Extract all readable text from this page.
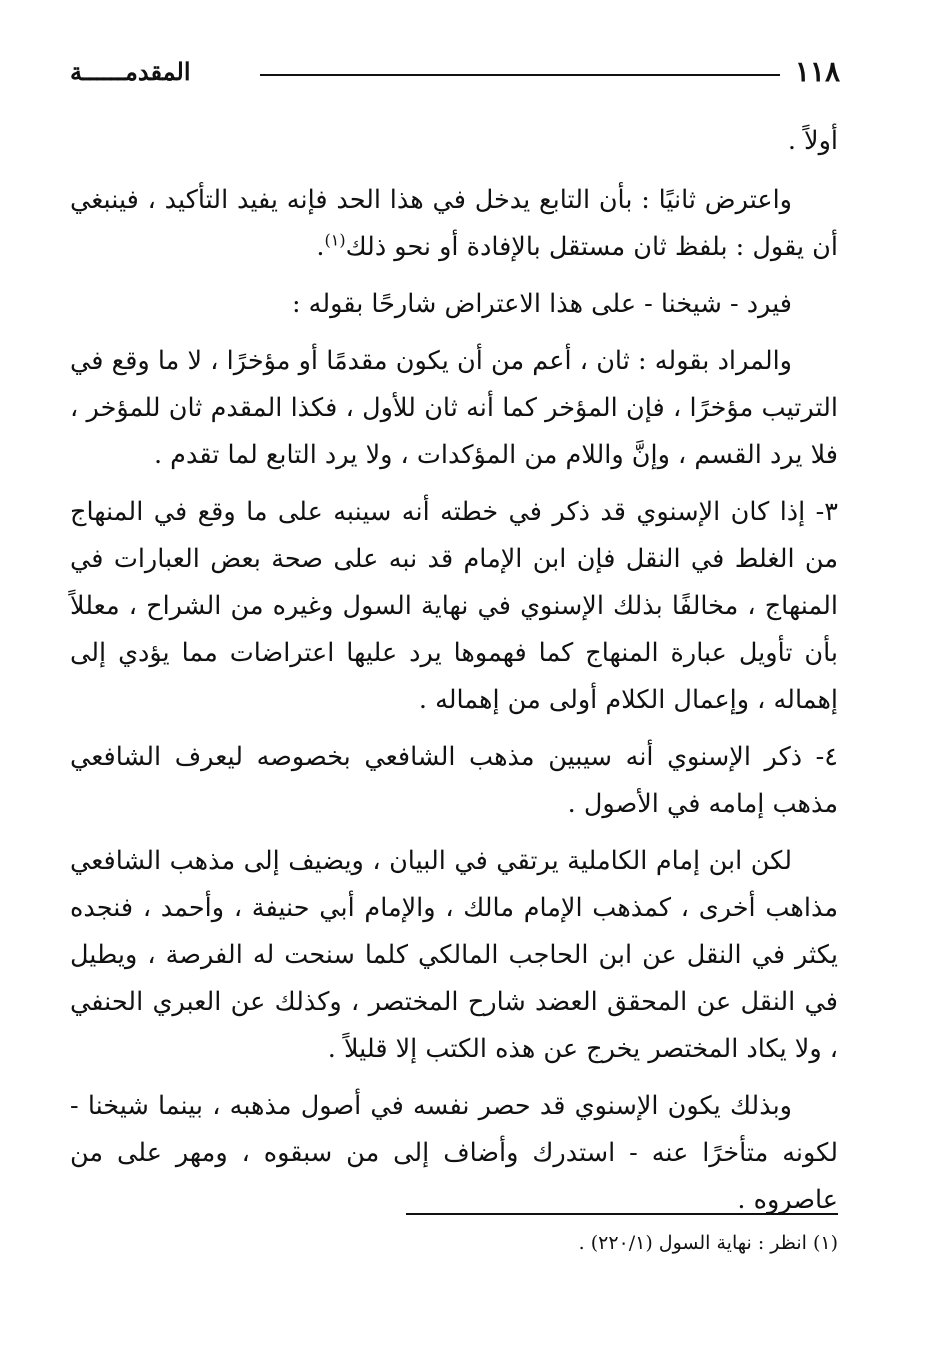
١١٨
المقدمــــــة

أولاً .

واعترض ثانيًا : بأن التابع يدخل في هذا الحد فإنه يفيد التأكيد ، فينبغي أن يقول : بلفظ ثان مستقل بالإفادة أو نحو ذلك$^{(١)}$.

فيرد - شيخنا - على هذا الاعتراض شارحًا بقوله :

والمراد بقوله : ثان ، أعم من أن يكون مقدمًا أو مؤخرًا ، لا ما وقع في الترتيب مؤخرًا ، فإن المؤخر كما أنه ثان للأول ، فكذا المقدم ثان للمؤخر ، فلا يرد القسم ، وإنَّ واللام من المؤكدات ، ولا يرد التابع لما تقدم .

٣- إذا كان الإسنوي قد ذكر في خطته أنه سينبه على ما وقع في المنهاج من الغلط في النقل فإن ابن الإمام قد نبه على صحة بعض العبارات في المنهاج ، مخالفًا بذلك الإسنوي في نهاية السول وغيره من الشراح ، معللاً بأن تأويل عبارة المنهاج كما فهموها يرد عليها اعتراضات مما يؤدي إلى إهماله ، وإعمال الكلام أولى من إهماله .

٤- ذكر الإسنوي أنه سيبين مذهب الشافعي بخصوصه ليعرف الشافعي مذهب إمامه في الأصول .

لكن ابن إمام الكاملية يرتقي في البيان ، ويضيف إلى مذهب الشافعي مذاهب أخرى ، كمذهب الإمام مالك ، والإمام أبي حنيفة ، وأحمد ، فنجده يكثر في النقل عن ابن الحاجب المالكي كلما سنحت له الفرصة ، ويطيل في النقل عن المحقق العضد شارح المختصر ، وكذلك عن العبري الحنفي ، ولا يكاد المختصر يخرج عن هذه الكتب إلا قليلاً .

وبذلك يكون الإسنوي قد حصر نفسه في أصول مذهبه ، بينما شيخنا - لكونه متأخرًا عنه - استدرك وأضاف إلى من سبقوه ، ومهر على من عاصروه .

(١) انظر : نهاية السول (٢٢٠/١) .
